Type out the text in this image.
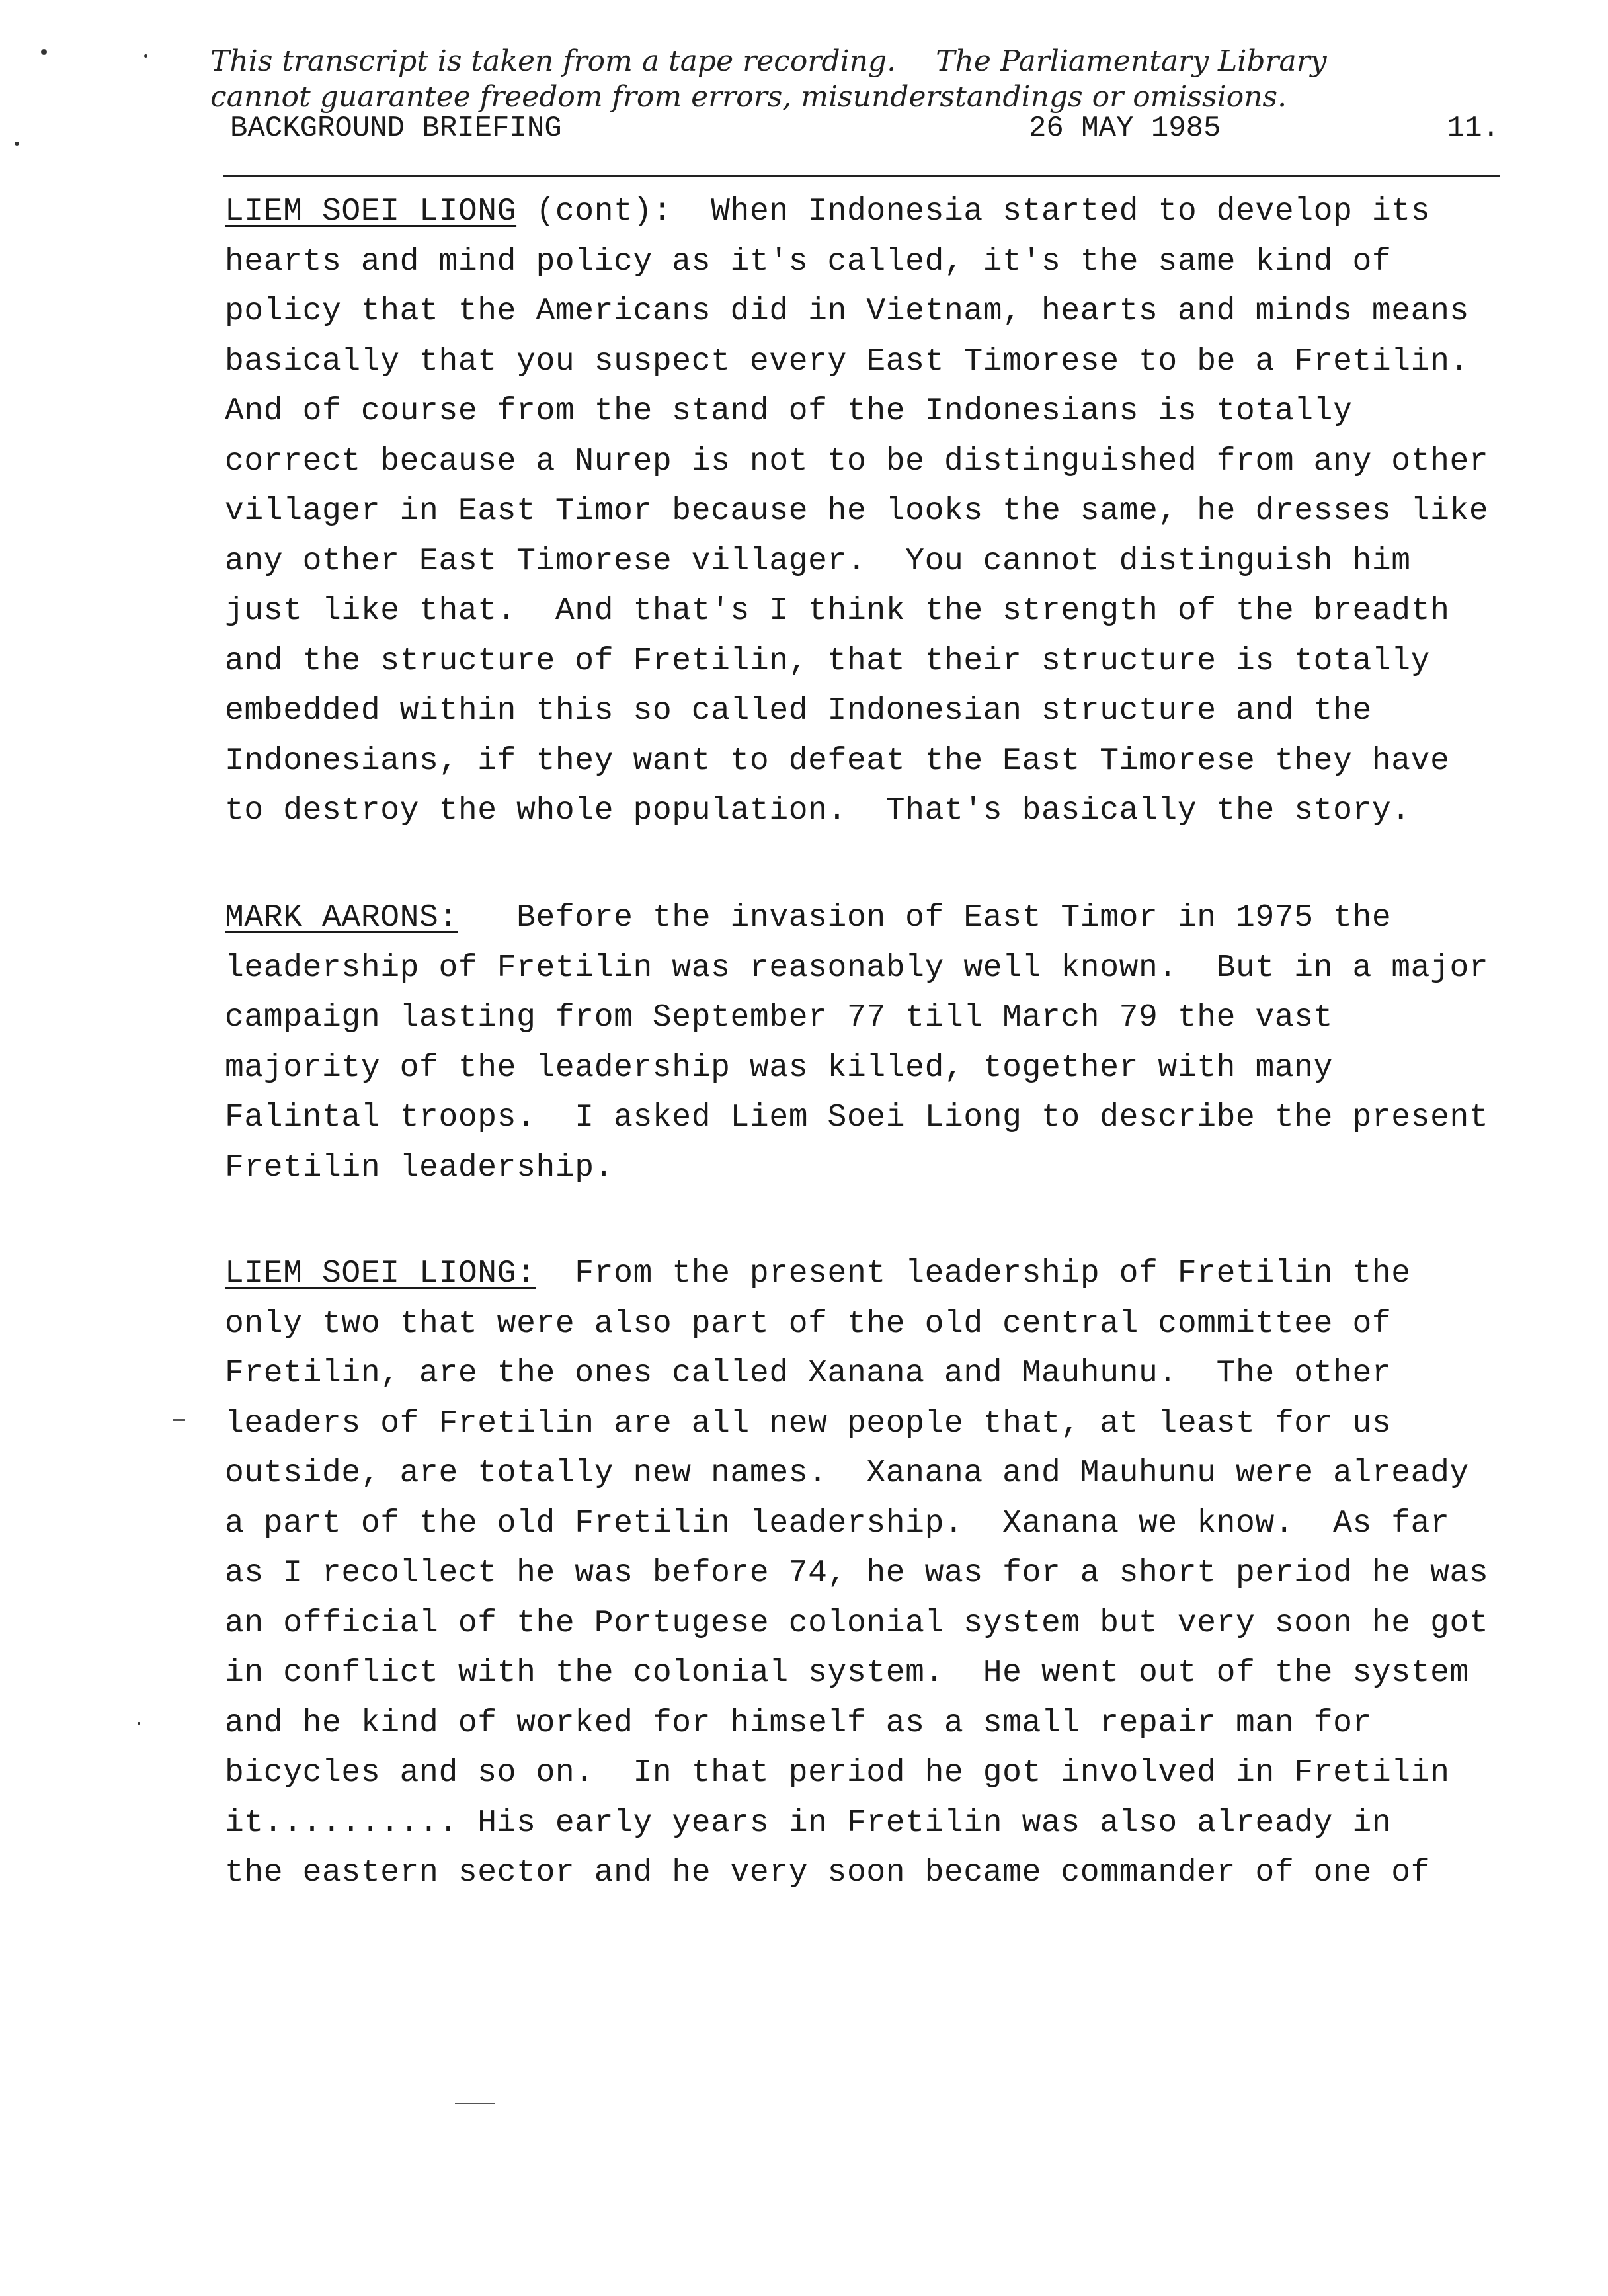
This transcript is taken from a tape recording. The Parliamentary Library
cannot guarantee freedom from errors, misunderstandings or omissions.
BACKGROUND BRIEFING	26 MAY 1985	11.
LIEM SOEI LIONG (cont):  When Indonesia started to develop its
hearts and mind policy as it's called, it's the same kind of
policy that the Americans did in Vietnam, hearts and minds means
basically that you suspect every East Timorese to be a Fretilin.
And of course from the stand of the Indonesians is totally
correct because a Nurep is not to be distinguished from any other
villager in East Timor because he looks the same, he dresses like
any other East Timorese villager.  You cannot distinguish him
just like that.  And that's I think the strength of the breadth
and the structure of Fretilin, that their structure is totally
embedded within this so called Indonesian structure and the
Indonesians, if they want to defeat the East Timorese they have
to destroy the whole population.  That's basically the story.
MARK AARONS:   Before the invasion of East Timor in 1975 the
leadership of Fretilin was reasonably well known.  But in a major
campaign lasting from September 77 till March 79 the vast
majority of the leadership was killed, together with many
Falintal troops.  I asked Liem Soei Liong to describe the present
Fretilin leadership.
LIEM SOEI LIONG:  From the present leadership of Fretilin the
only two that were also part of the old central committee of
Fretilin, are the ones called Xanana and Mauhunu.  The other
leaders of Fretilin are all new people that, at least for us
outside, are totally new names.  Xanana and Mauhunu were already
a part of the old Fretilin leadership.  Xanana we know.  As far
as I recollect he was before 74, he was for a short period he was
an official of the Portugese colonial system but very soon he got
in conflict with the colonial system.  He went out of the system
and he kind of worked for himself as a small repair man for
bicycles and so on.  In that period he got involved in Fretilin
it.......... His early years in Fretilin was also already in
the eastern sector and he very soon became commander of one of
